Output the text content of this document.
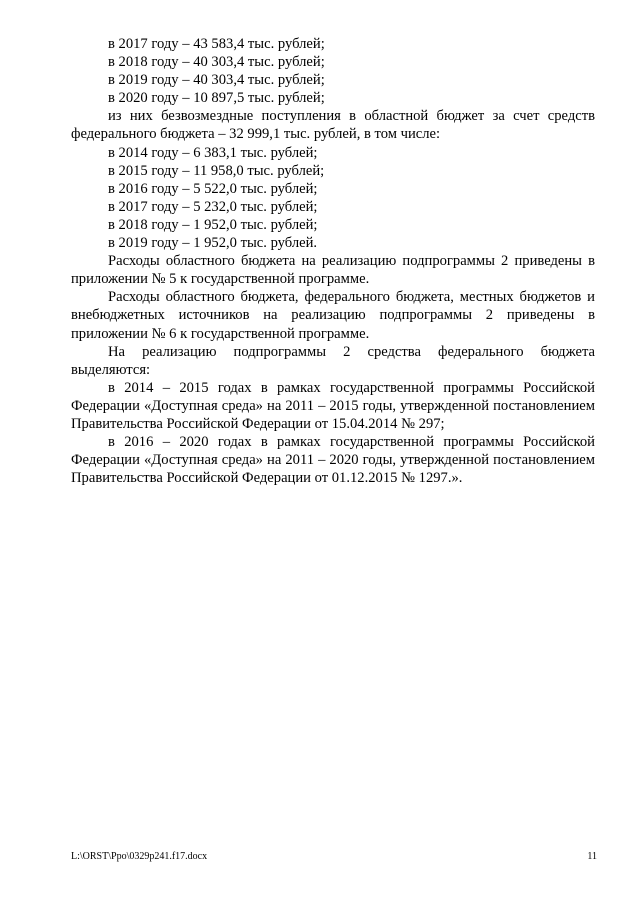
в 2017 году – 43 583,4 тыс. рублей;
в 2018 году – 40 303,4 тыс. рублей;
в 2019 году – 40 303,4 тыс. рублей;
в 2020 году – 10 897,5 тыс. рублей;

из них безвозмездные поступления в областной бюджет за счет средств федерального бюджета – 32 999,1 тыс. рублей, в том числе:

в 2014 году – 6 383,1 тыс. рублей;
в 2015 году – 11 958,0 тыс. рублей;
в 2016 году – 5 522,0 тыс. рублей;
в 2017 году – 5 232,0 тыс. рублей;
в 2018 году – 1 952,0 тыс. рублей;
в 2019 году – 1 952,0 тыс. рублей.

Расходы областного бюджета на реализацию подпрограммы 2 приведены в приложении № 5 к государственной программе.

Расходы областного бюджета, федерального бюджета, местных бюджетов и внебюджетных источников на реализацию подпрограммы 2 приведены в приложении № 6 к государственной программе.

На реализацию подпрограммы 2 средства федерального бюджета выделяются:

в 2014 – 2015 годах в рамках государственной программы Российской Федерации «Доступная среда» на 2011 – 2015 годы, утвержденной постановлением Правительства Российской Федерации от 15.04.2014 № 297;

в 2016 – 2020 годах в рамках государственной программы Российской Федерации «Доступная среда» на 2011 – 2020 годы, утвержденной постановлением Правительства Российской Федерации от 01.12.2015 № 1297.».

L:\ORST\Ppo\0329p241.f17.docx	11
